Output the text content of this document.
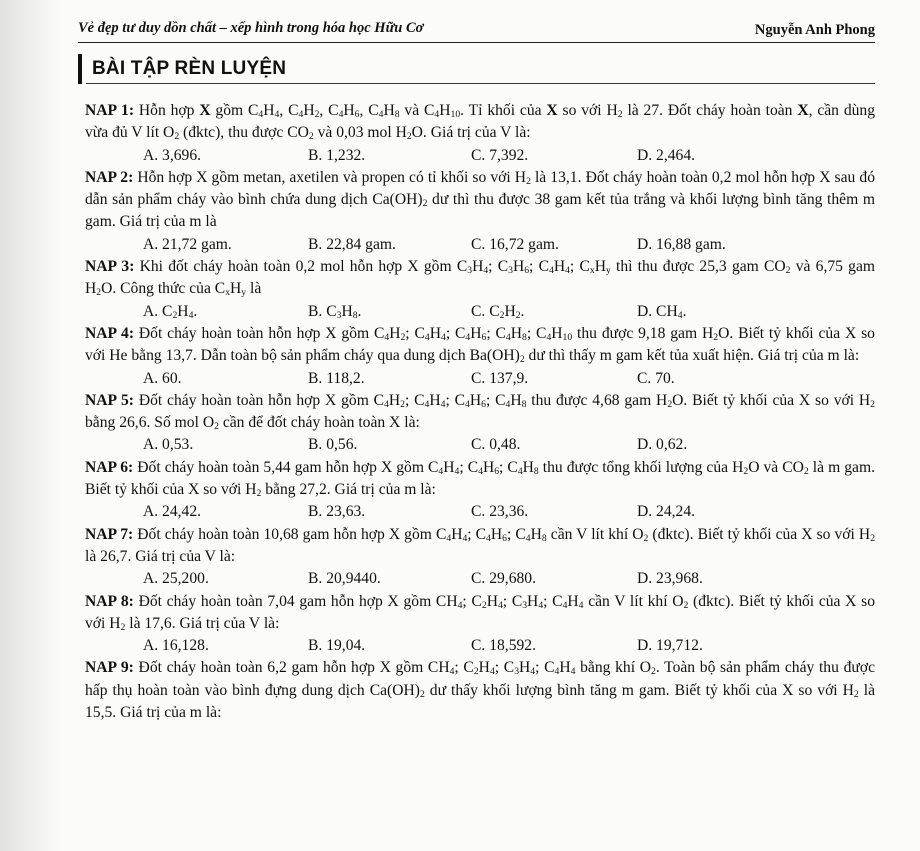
Vẻ đẹp tư duy dồn chất – xếp hình trong hóa học Hữu Cơ	Nguyễn Anh Phong
BÀI TẬP RÈN LUYỆN
NAP 1: Hỗn hợp X gồm $C_4H_4$, $C_4H_2$, $C_4H_6$, $C_4H_8$ và $C_4H_{10}$. Tỉ khối của X so với $H_2$ là 27. Đốt cháy hoàn toàn X, cần dùng vừa đủ V lít $O_2$ (đktc), thu được $CO_2$ và 0,03 mol $H_2O$. Giá trị của V là:
A. 3,696.	B. 1,232.	C. 7,392.	D. 2,464.
NAP 2: Hỗn hợp X gồm metan, axetilen và propen có tỉ khối so với $H_2$ là 13,1. Đốt cháy hoàn toàn 0,2 mol hỗn hợp X sau đó dẫn sản phẩm cháy vào bình chứa dung dịch $Ca(OH)_2$ dư thì thu được 38 gam kết tủa trắng và khối lượng bình tăng thêm m gam. Giá trị của m là
A. 21,72 gam.	B. 22,84 gam.	C. 16,72 gam.	D. 16,88 gam.
NAP 3: Khi đốt cháy hoàn toàn 0,2 mol hỗn hợp X gồm $C_3H_4$; $C_3H_6$; $C_4H_4$; $C_xH_y$ thì thu được 25,3 gam $CO_2$ và 6,75 gam $H_2O$. Công thức của $C_xH_y$ là
A. $C_2H_4$.	B. $C_3H_8$.	C. $C_2H_2$.	D. $CH_4$.
NAP 4: Đốt cháy hoàn toàn hỗn hợp X gồm $C_4H_2$; $C_4H_4$; $C_4H_6$; $C_4H_8$; $C_4H_{10}$ thu được 9,18 gam $H_2O$. Biết tỷ khối của X so với He bằng 13,7. Dẫn toàn bộ sản phẩm cháy qua dung dịch $Ba(OH)_2$ dư thì thấy m gam kết tủa xuất hiện. Giá trị của m là:
A. 60.	B. 118,2.	C. 137,9.	C. 70.
NAP 5: Đốt cháy hoàn toàn hỗn hợp X gồm $C_4H_2$; $C_4H_4$; $C_4H_6$; $C_4H_8$ thu được 4,68 gam $H_2O$. Biết tỷ khối của X so với $H_2$ bằng 26,6. Số mol $O_2$ cần để đốt cháy hoàn toàn X là:
A. 0,53.	B. 0,56.	C. 0,48.	D. 0,62.
NAP 6: Đốt cháy hoàn toàn 5,44 gam hỗn hợp X gồm $C_4H_4$; $C_4H_6$; $C_4H_8$ thu được tổng khối lượng của $H_2O$ và $CO_2$ là m gam. Biết tỷ khối của X so với $H_2$ bằng 27,2. Giá trị của m là:
A. 24,42.	B. 23,63.	C. 23,36.	D. 24,24.
NAP 7: Đốt cháy hoàn toàn 10,68 gam hỗn hợp X gồm $C_4H_4$; $C_4H_6$; $C_4H_8$ cần V lít khí $O_2$ (đktc). Biết tỷ khối của X so với $H_2$ là 26,7. Giá trị của V là:
A. 25,200.	B. 20,9440.	C. 29,680.	D. 23,968.
NAP 8: Đốt cháy hoàn toàn 7,04 gam hỗn hợp X gồm $CH_4$; $C_2H_4$; $C_3H_4$; $C_4H_4$ cần V lít khí $O_2$ (đktc). Biết tỷ khối của X so với $H_2$ là 17,6. Giá trị của V là:
A. 16,128.	B. 19,04.	C. 18,592.	D. 19,712.
NAP 9: Đốt cháy hoàn toàn 6,2 gam hỗn hợp X gồm $CH_4$; $C_2H_4$; $C_3H_4$; $C_4H_4$ bằng khí $O_2$. Toàn bộ sản phẩm cháy thu được hấp thụ hoàn toàn vào bình đựng dung dịch $Ca(OH)_2$ dư thấy khối lượng bình tăng m gam. Biết tỷ khối của X so với $H_2$ là 15,5. Giá trị của m là:
